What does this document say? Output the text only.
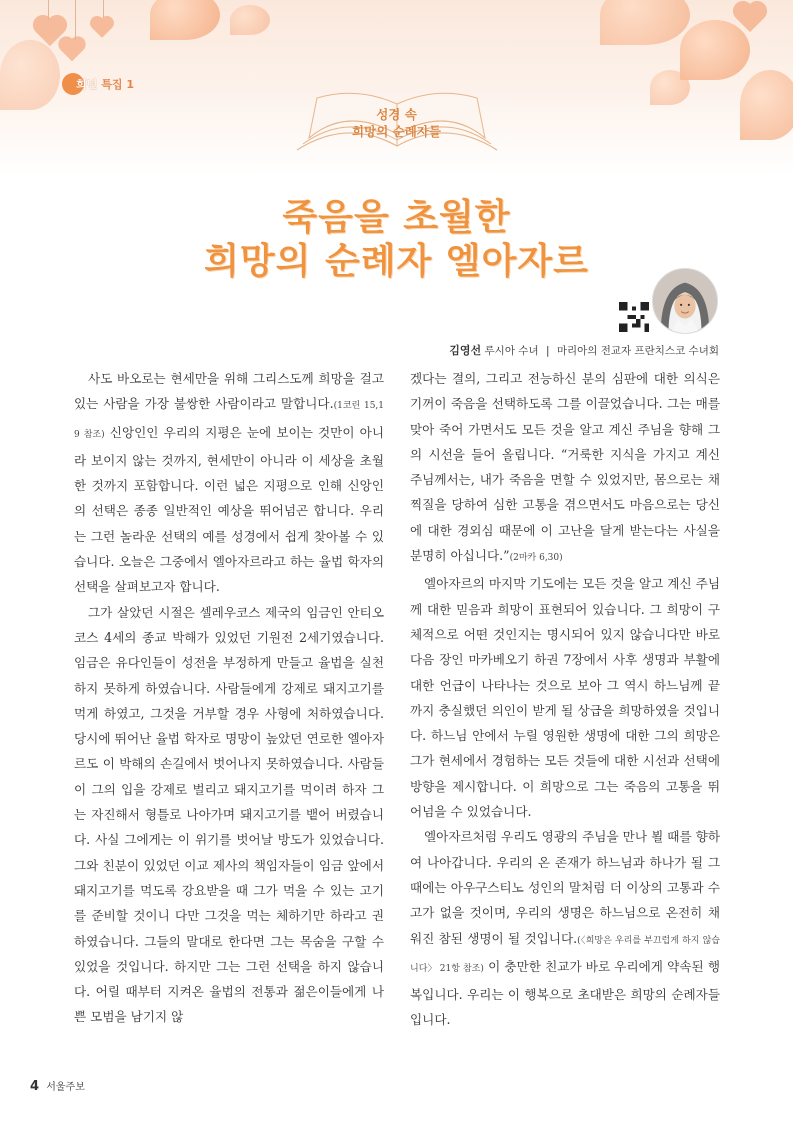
희년 특집 1
성경 속
희망의 순례자들
죽음을 초월한
희망의 순례자 엘아자르
김영선 루시아 수녀 | 마리아의 전교자 프란치스코 수녀회

사도 바오로는 현세만을 위해 그리스도께 희망을 걸고 있는 사람을 가장 불쌍한 사람이라고 말합니다.(1코린 15,19 참조) 신앙인인 우리의 지평은 눈에 보이는 것만이 아니라 보이지 않는 것까지, 현세만이 아니라 이 세상을 초월한 것까지 포함합니다. 이런 넓은 지평으로 인해 신앙인의 선택은 종종 일반적인 예상을 뛰어넘곤 합니다. 우리는 그런 놀라운 선택의 예를 성경에서 쉽게 찾아볼 수 있습니다. 오늘은 그중에서 엘아자르라고 하는 율법 학자의 선택을 살펴보고자 합니다.

그가 살았던 시절은 셀레우코스 제국의 임금인 안티오코스 4세의 종교 박해가 있었던 기원전 2세기였습니다. 임금은 유다인들이 성전을 부정하게 만들고 율법을 실천하지 못하게 하였습니다. 사람들에게 강제로 돼지고기를 먹게 하였고, 그것을 거부할 경우 사형에 처하였습니다. 당시에 뛰어난 율법 학자로 명망이 높았던 연로한 엘아자르도 이 박해의 손길에서 벗어나지 못하였습니다. 사람들이 그의 입을 강제로 벌리고 돼지고기를 먹이려 하자 그는 자진해서 형틀로 나아가며 돼지고기를 뱉어 버렸습니다. 사실 그에게는 이 위기를 벗어날 방도가 있었습니다. 그와 친분이 있었던 이교 제사의 책임자들이 임금 앞에서 돼지고기를 먹도록 강요받을 때 그가 먹을 수 있는 고기를 준비할 것이니 다만 그것을 먹는 체하기만 하라고 권하였습니다. 그들의 말대로 한다면 그는 목숨을 구할 수 있었을 것입니다. 하지만 그는 그런 선택을 하지 않습니다. 어릴 때부터 지켜온 율법의 전통과 젊은이들에게 나쁜 모범을 남기지 않

겠다는 결의, 그리고 전능하신 분의 심판에 대한 의식은 기꺼이 죽음을 선택하도록 그를 이끌었습니다. 그는 매를 맞아 죽어 가면서도 모든 것을 알고 계신 주님을 향해 그의 시선을 들어 올립니다. “거룩한 지식을 가지고 계신 주님께서는, 내가 죽음을 면할 수 있었지만, 몸으로는 채찍질을 당하여 심한 고통을 겪으면서도 마음으로는 당신에 대한 경외심 때문에 이 고난을 달게 받는다는 사실을 분명히 아십니다.”(2마카 6,30)

엘아자르의 마지막 기도에는 모든 것을 알고 계신 주님께 대한 믿음과 희망이 표현되어 있습니다. 그 희망이 구체적으로 어떤 것인지는 명시되어 있지 않습니다만 바로 다음 장인 마카베오기 하권 7장에서 사후 생명과 부활에 대한 언급이 나타나는 것으로 보아 그 역시 하느님께 끝까지 충실했던 의인이 받게 될 상급을 희망하였을 것입니다. 하느님 안에서 누릴 영원한 생명에 대한 그의 희망은 그가 현세에서 경험하는 모든 것들에 대한 시선과 선택에 방향을 제시합니다. 이 희망으로 그는 죽음의 고통을 뛰어넘을 수 있었습니다.

엘아자르처럼 우리도 영광의 주님을 만나 뵐 때를 향하여 나아갑니다. 우리의 온 존재가 하느님과 하나가 될 그때에는 아우구스티노 성인의 말처럼 더 이상의 고통과 수고가 없을 것이며, 우리의 생명은 하느님으로 온전히 채워진 참된 생명이 될 것입니다.(〈희망은 우리를 부끄럽게 하지 않습니다〉 21항 참조) 이 충만한 친교가 바로 우리에게 약속된 행복입니다. 우리는 이 행복으로 초대받은 희망의 순례자들입니다.

4 서울주보
